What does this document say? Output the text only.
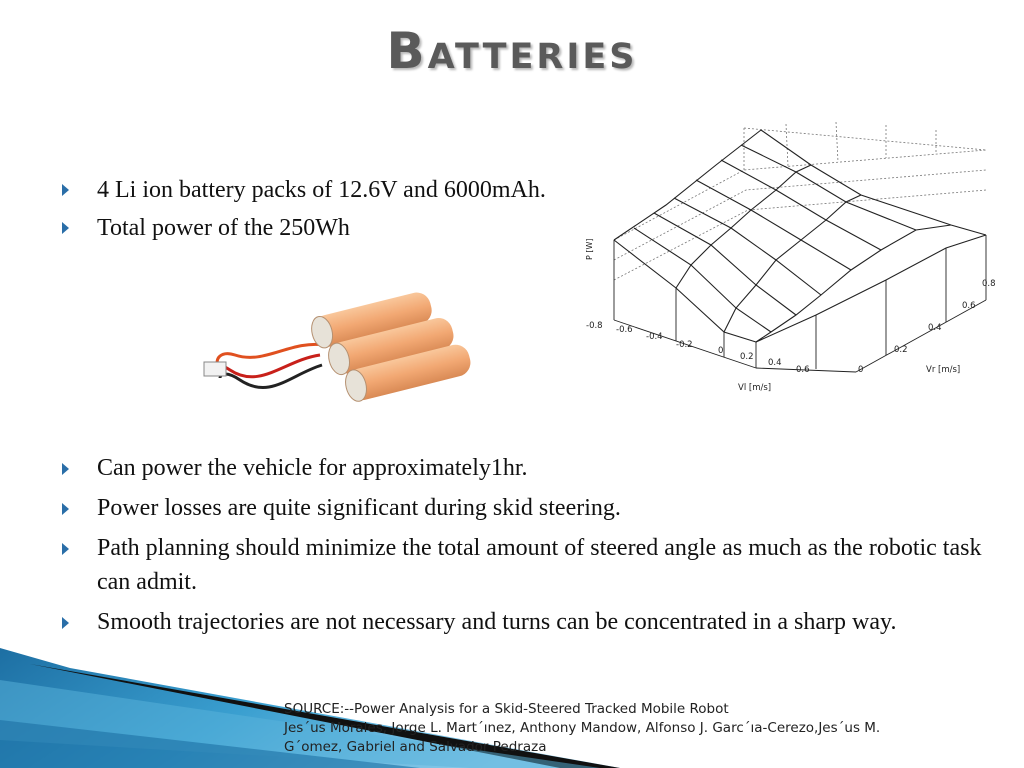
Batteries
4 Li ion battery packs of 12.6V and 6000mAh.
Total power of the 250Wh
P [W]
-0.8 -0.6
-0.4
-0.2
0
0.2
0.4
0.6	0
0.2
0.4
0.6
0.8
Vl [m/s]
Vr [m/s]
Can power the vehicle for approximately1hr.
Power losses are quite significant during skid steering.
Path planning should minimize the total amount of steered angle as much as the robotic task can admit.
Smooth trajectories are not necessary and turns can be concentrated in a sharp way.
SOURCE:--Power Analysis for a Skid-Steered Tracked Mobile Robot
Jes´us Morales, Jorge L. Mart´ınez, Anthony Mandow, Alfonso J. Garc´ıa-Cerezo,Jes´us M.
G´omez, Gabriel and Salvador Pedraza
